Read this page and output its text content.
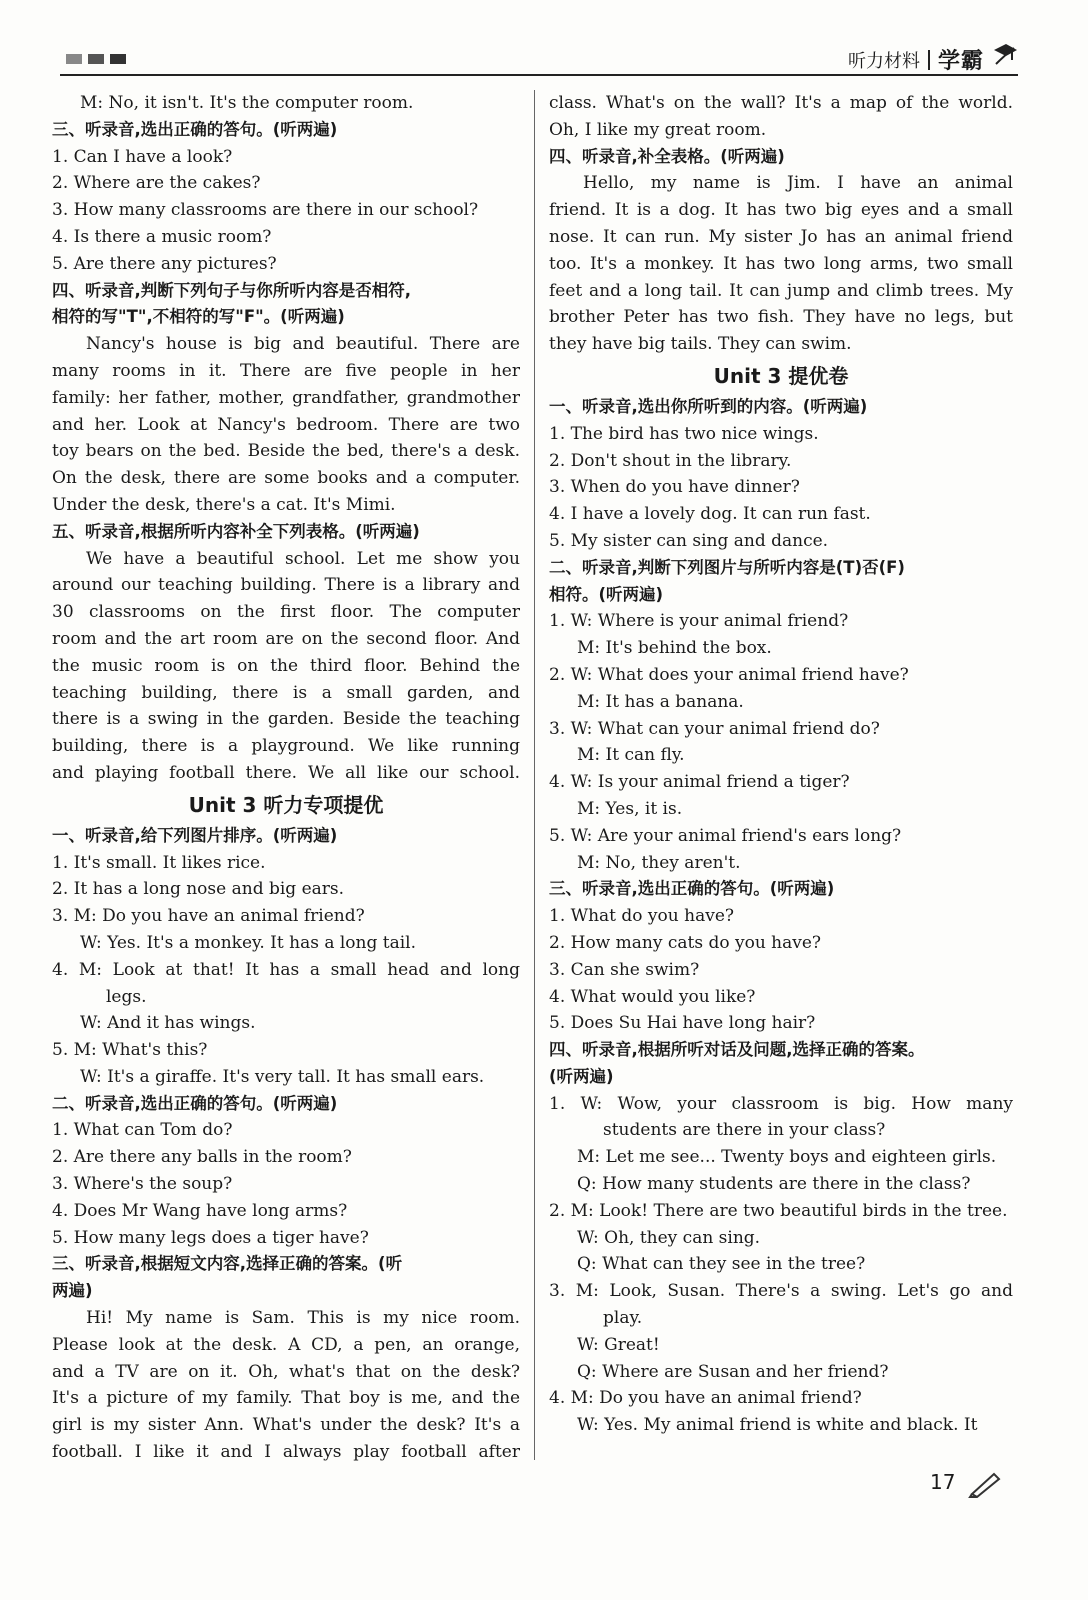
听力材料 学霸
M: No, it isn't. It's the computer room.
三、听录音,选出正确的答句。(听两遍)
1. Can I have a look?
2. Where are the cakes?
3. How many classrooms are there in our school?
4. Is there a music room?
5. Are there any pictures?
四、听录音,判断下列句子与你所听内容是否相符,
相符的写"T",不相符的写"F"。(听两遍)
Nancy's house is big and beautiful. There are
many rooms in it. There are five people in her
family: her father, mother, grandfather, grandmother
and her. Look at Nancy's bedroom. There are two
toy bears on the bed. Beside the bed, there's a desk.
On the desk, there are some books and a computer.
Under the desk, there's a cat. It's Mimi.
五、听录音,根据所听内容补全下列表格。(听两遍)
We have a beautiful school. Let me show you
around our teaching building. There is a library and
30 classrooms on the first floor. The computer
room and the art room are on the second floor. And
the music room is on the third floor. Behind the
teaching building, there is a small garden, and
there is a swing in the garden. Beside the teaching
building, there is a playground. We like running
and playing football there. We all like our school.
Unit 3 听力专项提优
一、听录音,给下列图片排序。(听两遍)
1. It's small. It likes rice.
2. It has a long nose and big ears.
3. M: Do you have an animal friend?
W: Yes. It's a monkey. It has a long tail.
4. M: Look at that! It has a small head and long
legs.
W: And it has wings.
5. M: What's this?
W: It's a giraffe. It's very tall. It has small ears.
二、听录音,选出正确的答句。(听两遍)
1. What can Tom do?
2. Are there any balls in the room?
3. Where's the soup?
4. Does Mr Wang have long arms?
5. How many legs does a tiger have?
三、听录音,根据短文内容,选择正确的答案。(听
两遍)
Hi! My name is Sam. This is my nice room.
Please look at the desk. A CD, a pen, an orange,
and a TV are on it. Oh, what's that on the desk?
It's a picture of my family. That boy is me, and the
girl is my sister Ann. What's under the desk? It's a
football. I like it and I always play football after
class. What's on the wall? It's a map of the world.
Oh, I like my great room.
四、听录音,补全表格。(听两遍)
Hello, my name is Jim. I have an animal
friend. It is a dog. It has two big eyes and a small
nose. It can run. My sister Jo has an animal friend
too. It's a monkey. It has two long arms, two small
feet and a long tail. It can jump and climb trees. My
brother Peter has two fish. They have no legs, but
they have big tails. They can swim.
Unit 3 提优卷
一、听录音,选出你所听到的内容。(听两遍)
1. The bird has two nice wings.
2. Don't shout in the library.
3. When do you have dinner?
4. I have a lovely dog. It can run fast.
5. My sister can sing and dance.
二、听录音,判断下列图片与所听内容是(T)否(F)
相符。(听两遍)
1. W: Where is your animal friend?
M: It's behind the box.
2. W: What does your animal friend have?
M: It has a banana.
3. W: What can your animal friend do?
M: It can fly.
4. W: Is your animal friend a tiger?
M: Yes, it is.
5. W: Are your animal friend's ears long?
M: No, they aren't.
三、听录音,选出正确的答句。(听两遍)
1. What do you have?
2. How many cats do you have?
3. Can she swim?
4. What would you like?
5. Does Su Hai have long hair?
四、听录音,根据所听对话及问题,选择正确的答案。
(听两遍)
1. W: Wow, your classroom is big. How many
students are there in your class?
M: Let me see... Twenty boys and eighteen girls.
Q: How many students are there in the class?
2. M: Look! There are two beautiful birds in the tree.
W: Oh, they can sing.
Q: What can they see in the tree?
3. M: Look, Susan. There's a swing. Let's go and
play.
W: Great!
Q: Where are Susan and her friend?
4. M: Do you have an animal friend?
W: Yes. My animal friend is white and black. It
17
